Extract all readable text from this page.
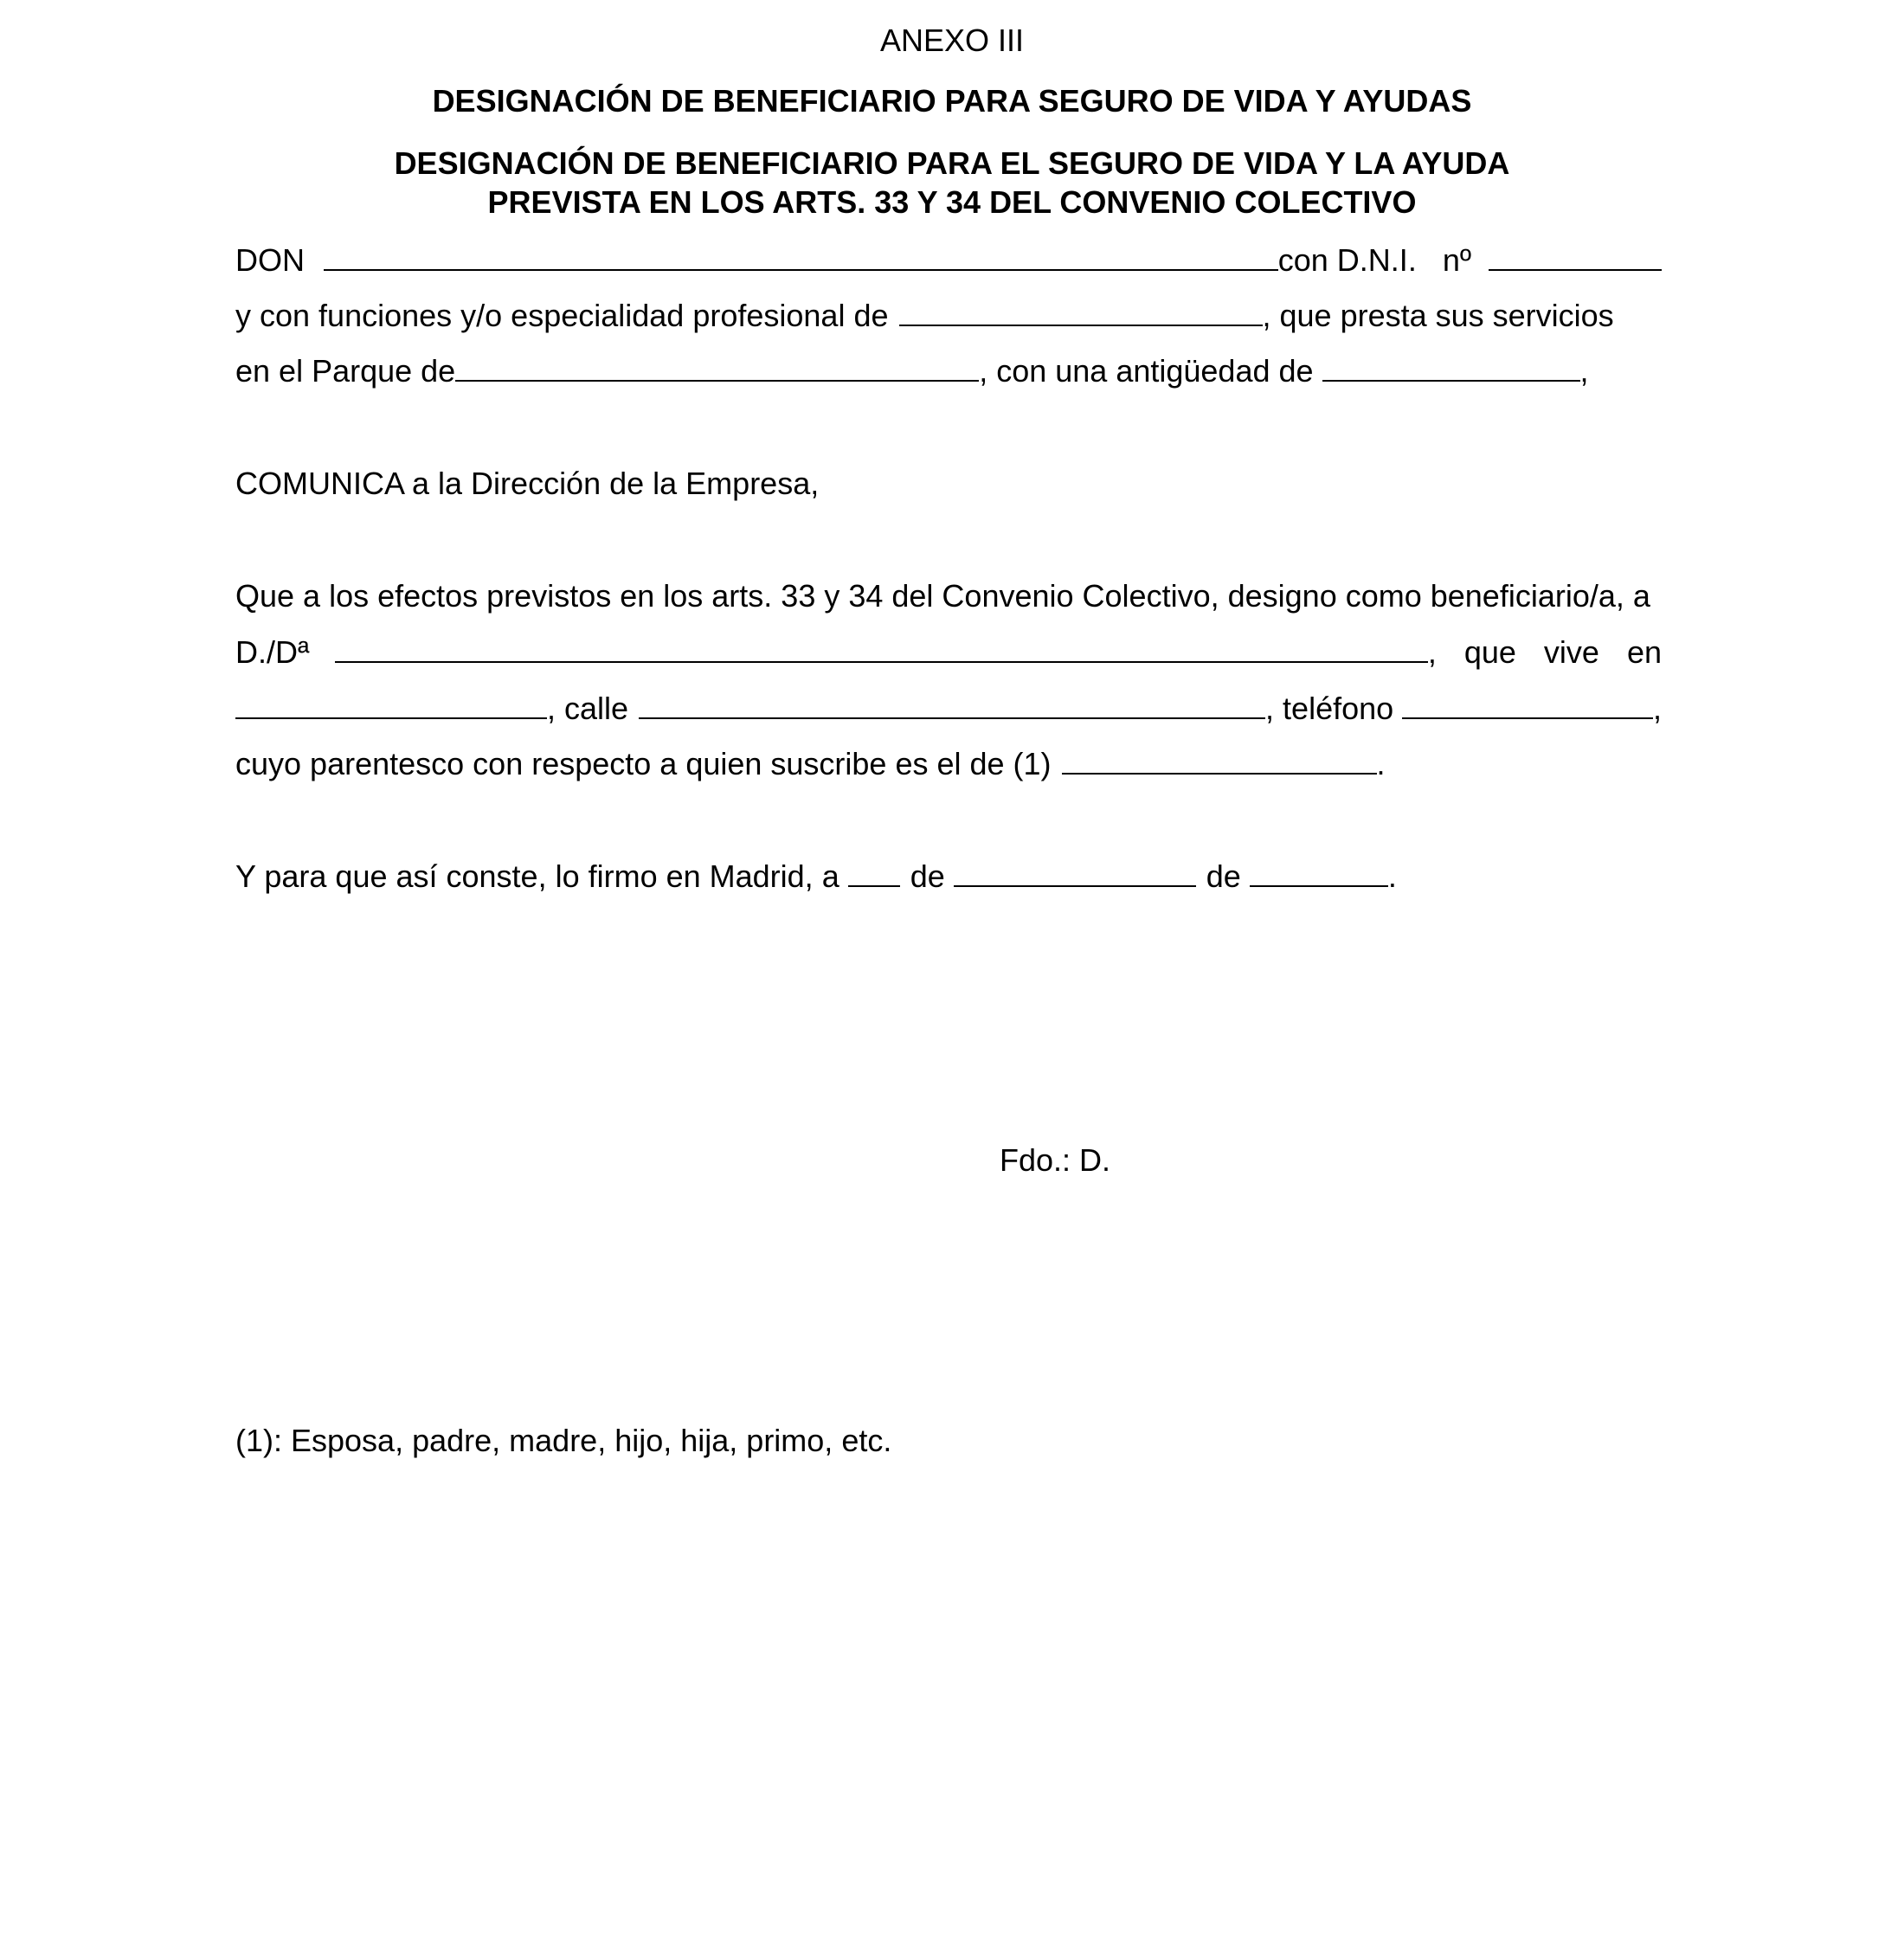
ANEXO III
DESIGNACIÓN DE BENEFICIARIO PARA SEGURO DE VIDA Y AYUDAS
DESIGNACIÓN DE BENEFICIARIO PARA EL SEGURO DE VIDA Y LA AYUDA
PREVISTA EN LOS ARTS. 33 Y 34 DEL CONVENIO COLECTIVO
DON	con D.N.I. nº
y con funciones y/o especialidad profesional de	, que presta sus servicios
en el Parque de	, con una antigüedad de	,
COMUNICA a la Dirección de la Empresa,
Que a los efectos previstos en los arts. 33 y 34 del Convenio Colectivo, designo como beneficiario/a, a
D./Dª	, que vive en
, calle	, teléfono	,
cuyo parentesco con respecto a quien suscribe es el de (1)	.
Y para que así conste, lo firmo en Madrid, a de	de	.
Fdo.: D.
(1): Esposa, padre, madre, hijo, hija, primo, etc.
